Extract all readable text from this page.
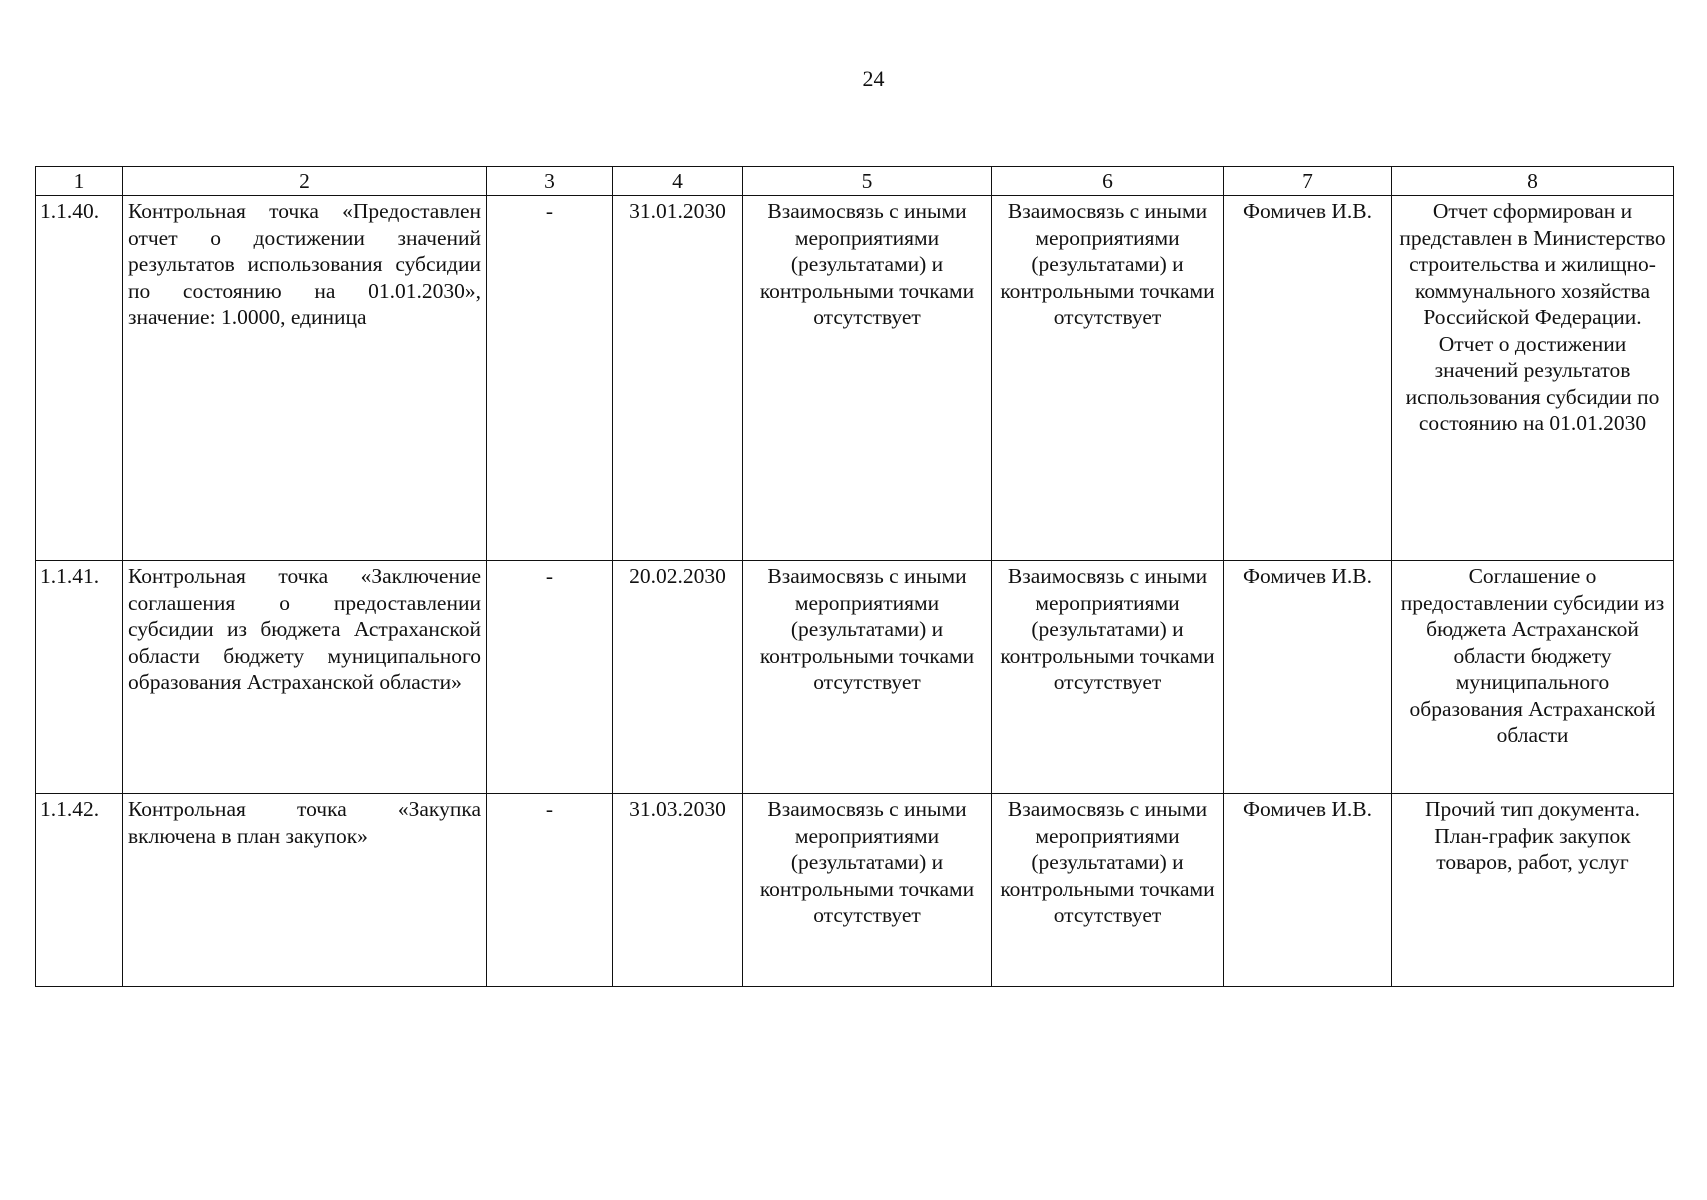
24
1	2	3	4	5	6	7	8
1.1.40.	Контрольная точка «Предоставлен отчет о достижении значений результатов использования субсидии по состоянию на 01.01.2030», значение: 1.0000, единица	-	31.01.2030	Взаимосвязь с иными мероприятиями (результатами) и контрольными точками отсутствует	Взаимосвязь с иными мероприятиями (результатами) и контрольными точками отсутствует	Фомичев И.В.	Отчет сформирован и представлен в Министерство строительства и жилищно-коммунального хозяйства Российской Федерации. Отчет о достижении значений результатов использования субсидии по состоянию на 01.01.2030
1.1.41.	Контрольная точка «Заключение соглашения о предоставлении субсидии из бюджета Астраханской области бюджету муниципального образования Астраханской области»	-	20.02.2030	Взаимосвязь с иными мероприятиями (результатами) и контрольными точками отсутствует	Взаимосвязь с иными мероприятиями (результатами) и контрольными точками отсутствует	Фомичев И.В.	Соглашение о предоставлении субсидии из бюджета Астраханской области бюджету муниципального образования Астраханской области
1.1.42.	Контрольная точка «Закупка включена в план закупок»	-	31.03.2030	Взаимосвязь с иными мероприятиями (результатами) и контрольными точками отсутствует	Взаимосвязь с иными мероприятиями (результатами) и контрольными точками отсутствует	Фомичев И.В.	Прочий тип документа. План-график закупок товаров, работ, услуг
